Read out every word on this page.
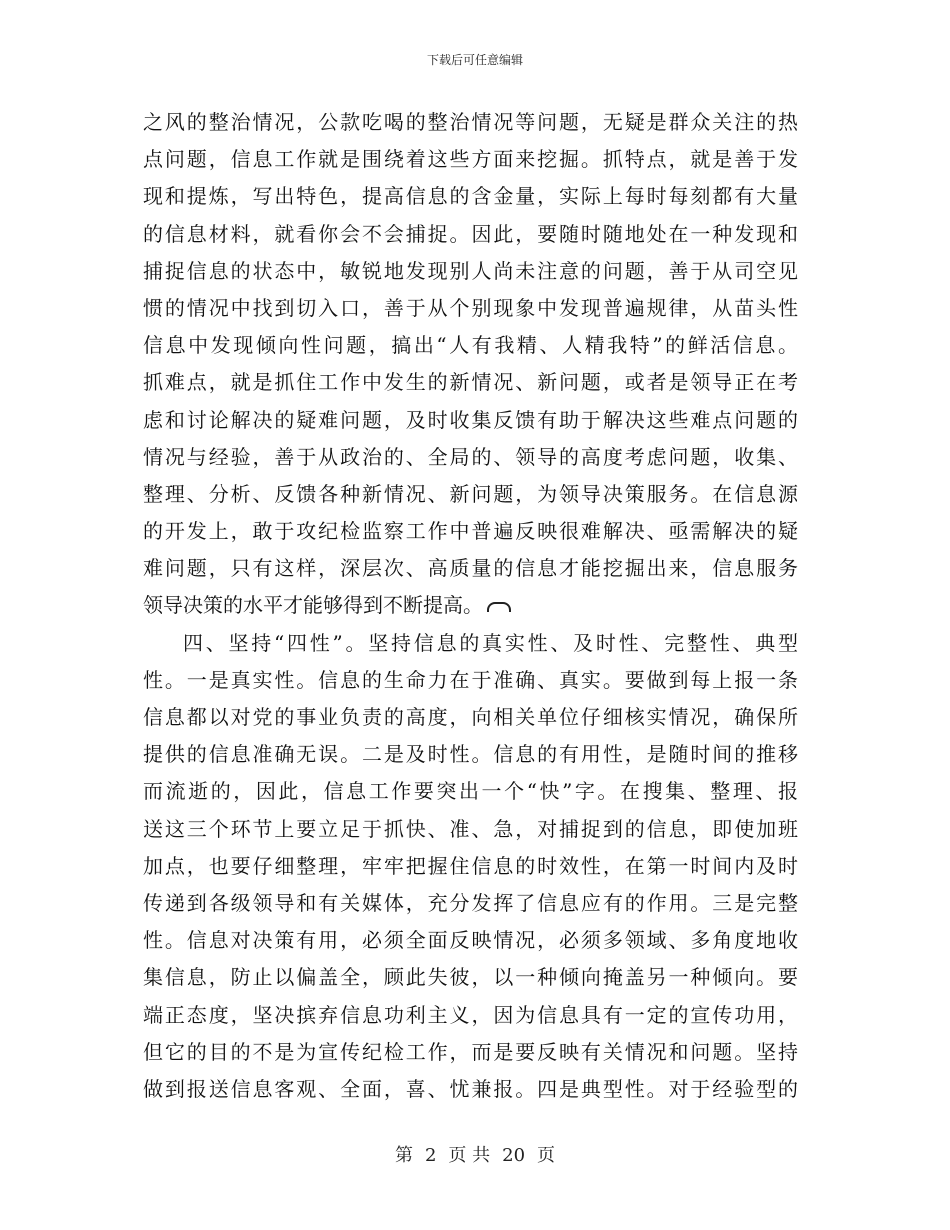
下载后可任意编辑
之风的整治情况，公款吃喝的整治情况等问题，无疑是群众关注的热
点问题，信息工作就是围绕着这些方面来挖掘。抓特点，就是善于发
现和提炼，写出特色，提高信息的含金量，实际上每时每刻都有大量
的信息材料，就看你会不会捕捉。因此，要随时随地处在一种发现和
捕捉信息的状态中，敏锐地发现别人尚未注意的问题，善于从司空见
惯的情况中找到切入口，善于从个别现象中发现普遍规律，从苗头性
信息中发现倾向性问题，搞出“人有我精、人精我特”的鲜活信息。
抓难点，就是抓住工作中发生的新情况、新问题，或者是领导正在考
虑和讨论解决的疑难问题，及时收集反馈有助于解决这些难点问题的
情况与经验，善于从政治的、全局的、领导的高度考虑问题，收集、
整理、分析、反馈各种新情况、新问题，为领导决策服务。在信息源
的开发上，敢于攻纪检监察工作中普遍反映很难解决、亟需解决的疑
难问题，只有这样，深层次、高质量的信息才能挖掘出来，信息服务
领导决策的水平才能够得到不断提高。
四、坚持“四性”。坚持信息的真实性、及时性、完整性、典型
性。一是真实性。信息的生命力在于准确、真实。要做到每上报一条
信息都以对党的事业负责的高度，向相关单位仔细核实情况，确保所
提供的信息准确无误。二是及时性。信息的有用性，是随时间的推移
而流逝的，因此，信息工作要突出一个“快”字。在搜集、整理、报
送这三个环节上要立足于抓快、准、急，对捕捉到的信息，即使加班
加点，也要仔细整理，牢牢把握住信息的时效性，在第一时间内及时
传递到各级领导和有关媒体，充分发挥了信息应有的作用。三是完整
性。信息对决策有用，必须全面反映情况，必须多领域、多角度地收
集信息，防止以偏盖全，顾此失彼，以一种倾向掩盖另一种倾向。要
端正态度，坚决摈弃信息功利主义，因为信息具有一定的宣传功用，
但它的目的不是为宣传纪检工作，而是要反映有关情况和问题。坚持
做到报送信息客观、全面，喜、忧兼报。四是典型性。对于经验型的
第 2 页 共 20 页
